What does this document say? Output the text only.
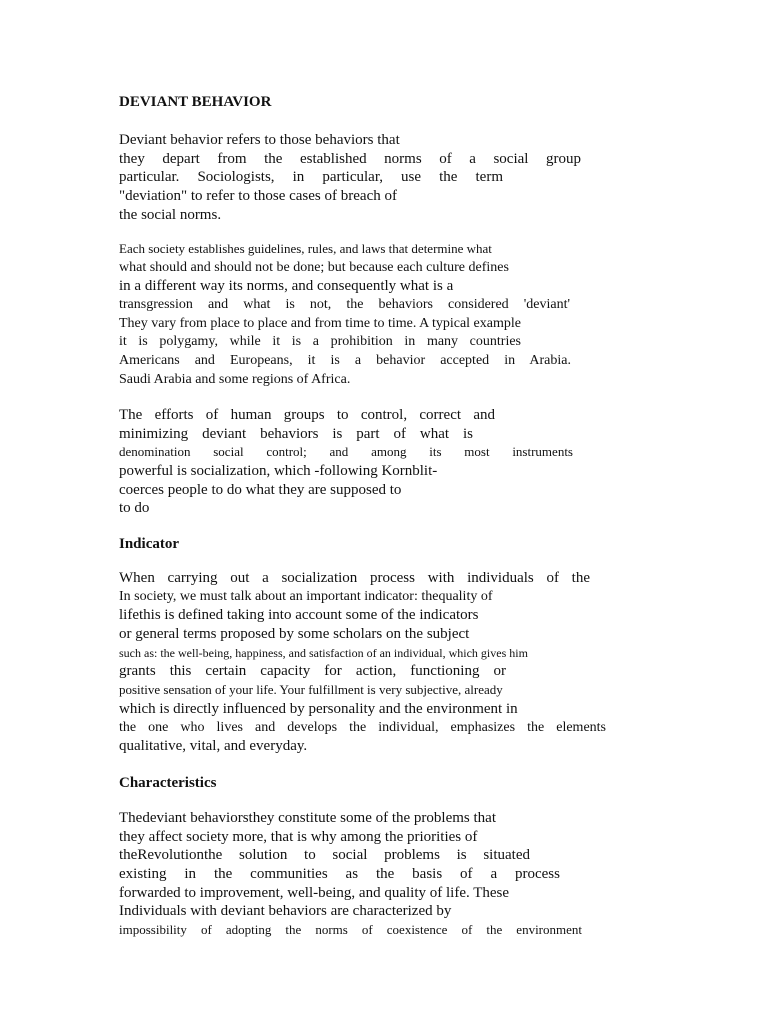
DEVIANT BEHAVIOR
Deviant behavior refers to those behaviors that
they depart from the established norms of a social group
particular. Sociologists, in particular, use the term
"deviation" to refer to those cases of breach of
the social norms.
Each society establishes guidelines, rules, and laws that determine what
what should and should not be done; but because each culture defines
in a different way its norms, and consequently what is a
transgression and what is not, the behaviors considered 'deviant'
They vary from place to place and from time to time. A typical example
it is polygamy, while it is a prohibition in many countries
Americans and Europeans, it is a behavior accepted in Arabia.
Saudi Arabia and some regions of Africa.
The efforts of human groups to control, correct and
minimizing deviant behaviors is part of what is
denomination social control; and among its most instruments
powerful is socialization, which -following Kornblit-
coerces people to do what they are supposed to
to do
Indicator
When carrying out a socialization process with individuals of the
In society, we must talk about an important indicator: thequality of
lifethis is defined taking into account some of the indicators
or general terms proposed by some scholars on the subject
such as: the well-being, happiness, and satisfaction of an individual, which gives him
grants this certain capacity for action, functioning or
positive sensation of your life. Your fulfillment is very subjective, already
which is directly influenced by personality and the environment in
the one who lives and develops the individual, emphasizes the elements
qualitative, vital, and everyday.
Characteristics
Thedeviant behaviorsthey constitute some of the problems that
they affect society more, that is why among the priorities of
theRevolutionthe solution to social problems is situated
existing in the communities as the basis of a process
forwarded to improvement, well-being, and quality of life. These
Individuals with deviant behaviors are characterized by
impossibility of adopting the norms of coexistence of the environment
